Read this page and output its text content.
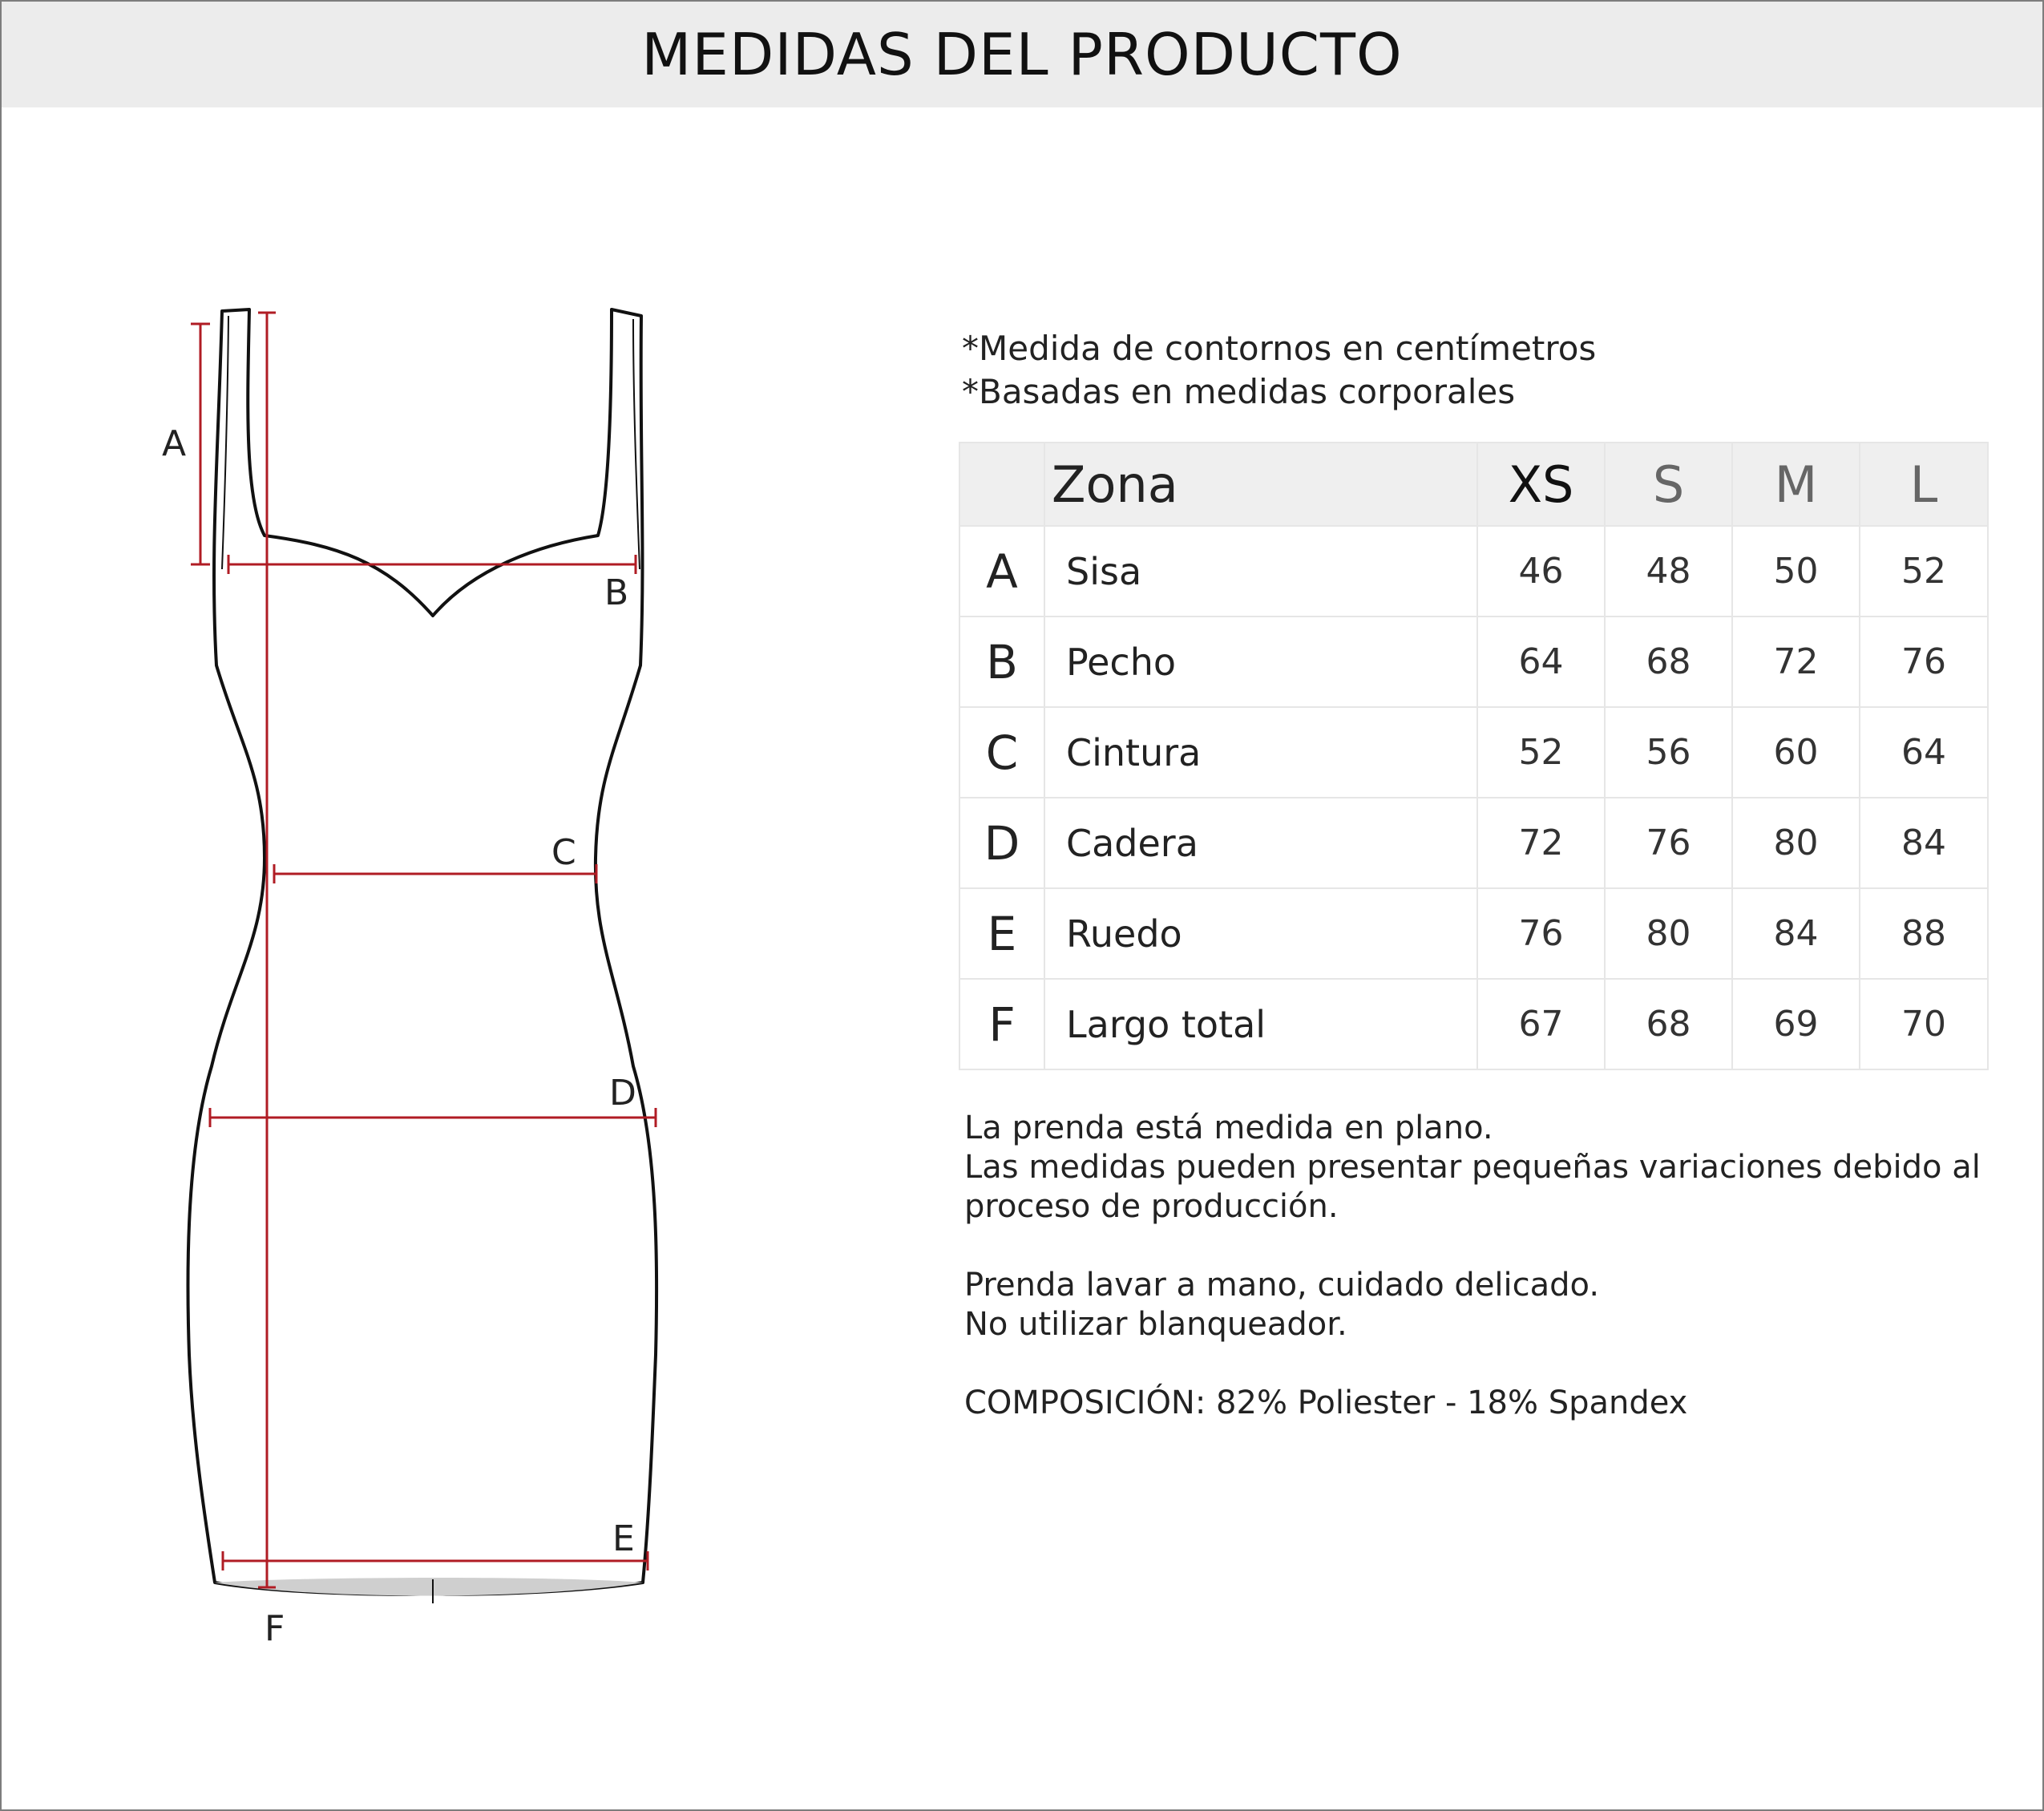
MEDIDAS DEL PRODUCTO
A
B
C
D
E
F
*Medida de contornos en centímetros
*Basadas en medidas corporales
	Zona	XS	S	M	L
A	Sisa	46	48	50	52
B	Pecho	64	68	72	76
C	Cintura	52	56	60	64
D	Cadera	72	76	80	84
E	Ruedo	76	80	84	88
F	Largo total	67	68	69	70

La prenda está medida en plano.

Las medidas pueden presentar pequeñas variaciones debido al

proceso de producción.

Prenda lavar a mano, cuidado delicado.

No utilizar blanqueador.

COMPOSICIÓN: 82% Poliester - 18% Spandex
